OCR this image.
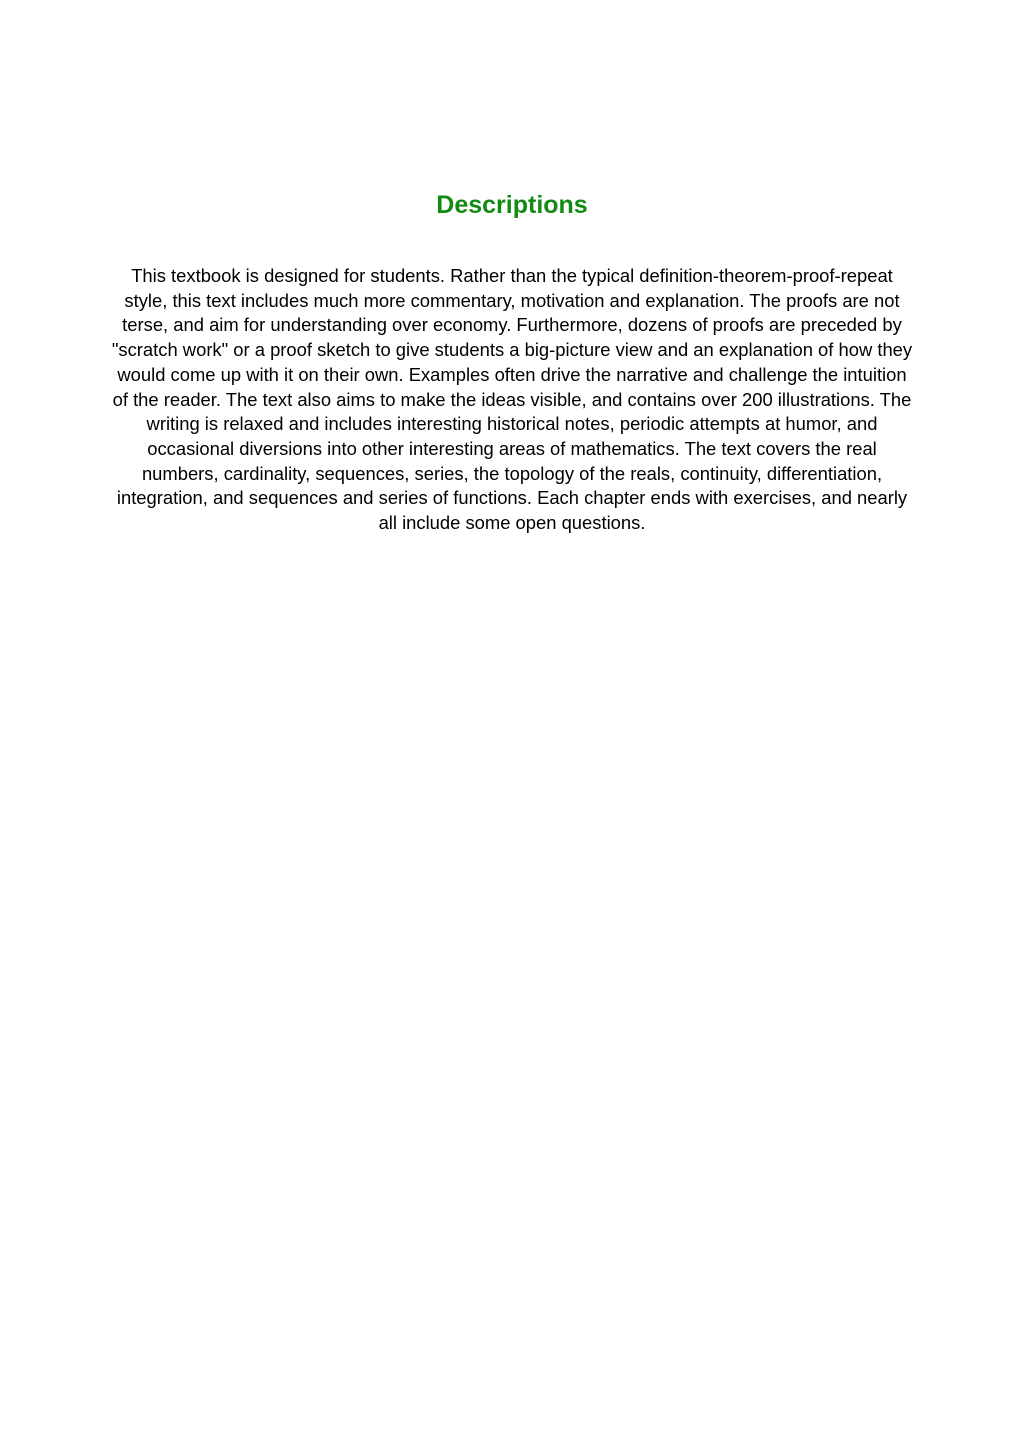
Descriptions

This textbook is designed for students. Rather than the typical definition-theorem-proof-repeat
style, this text includes much more commentary, motivation and explanation. The proofs are not
terse, and aim for understanding over economy. Furthermore, dozens of proofs are preceded by
"scratch work" or a proof sketch to give students a big-picture view and an explanation of how they
would come up with it on their own. Examples often drive the narrative and challenge the intuition
of the reader. The text also aims to make the ideas visible, and contains over 200 illustrations. The
writing is relaxed and includes interesting historical notes, periodic attempts at humor, and
occasional diversions into other interesting areas of mathematics. The text covers the real
numbers, cardinality, sequences, series, the topology of the reals, continuity, differentiation,
integration, and sequences and series of functions. Each chapter ends with exercises, and nearly
all include some open questions.
